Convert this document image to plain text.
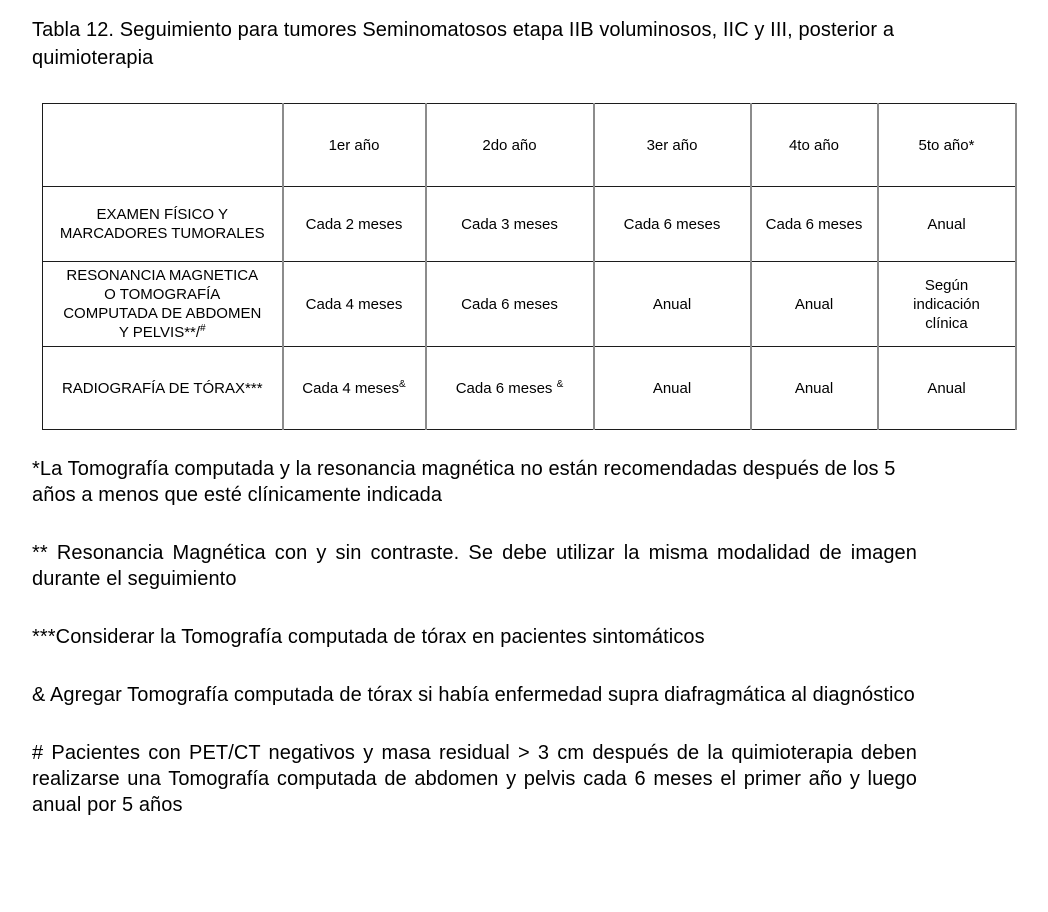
Tabla 12. Seguimiento para tumores Seminomatosos etapa IIB voluminosos, IIC y III, posterior a quimioterapia

	1er año	2do año	3er año	4to año	5to año*
EXAMEN FÍSICO Y
MARCADORES TUMORALES	Cada 2 meses	Cada 3 meses	Cada 6 meses	Cada 6 meses	Anual
RESONANCIA MAGNETICA
O TOMOGRAFÍA
COMPUTADA DE ABDOMEN
Y PELVIS**/#	Cada 4 meses	Cada 6 meses	Anual	Anual	Según
indicación
clínica
RADIOGRAFÍA DE TÓRAX***	Cada 4 meses&	Cada 6 meses &	Anual	Anual	Anual

*La Tomografía computada y la resonancia magnética no están recomendadas después de los 5 años a menos que esté clínicamente indicada

** Resonancia Magnética con y sin contraste. Se debe utilizar la misma modalidad de imagen durante el seguimiento

***Considerar la Tomografía computada de tórax en pacientes sintomáticos

& Agregar Tomografía computada de tórax si había enfermedad supra diafragmática al diagnóstico

# Pacientes con PET/CT negativos y masa residual > 3 cm después de la quimioterapia deben realizarse una Tomografía computada de abdomen y pelvis cada 6 meses el primer año y luego anual por 5 años
